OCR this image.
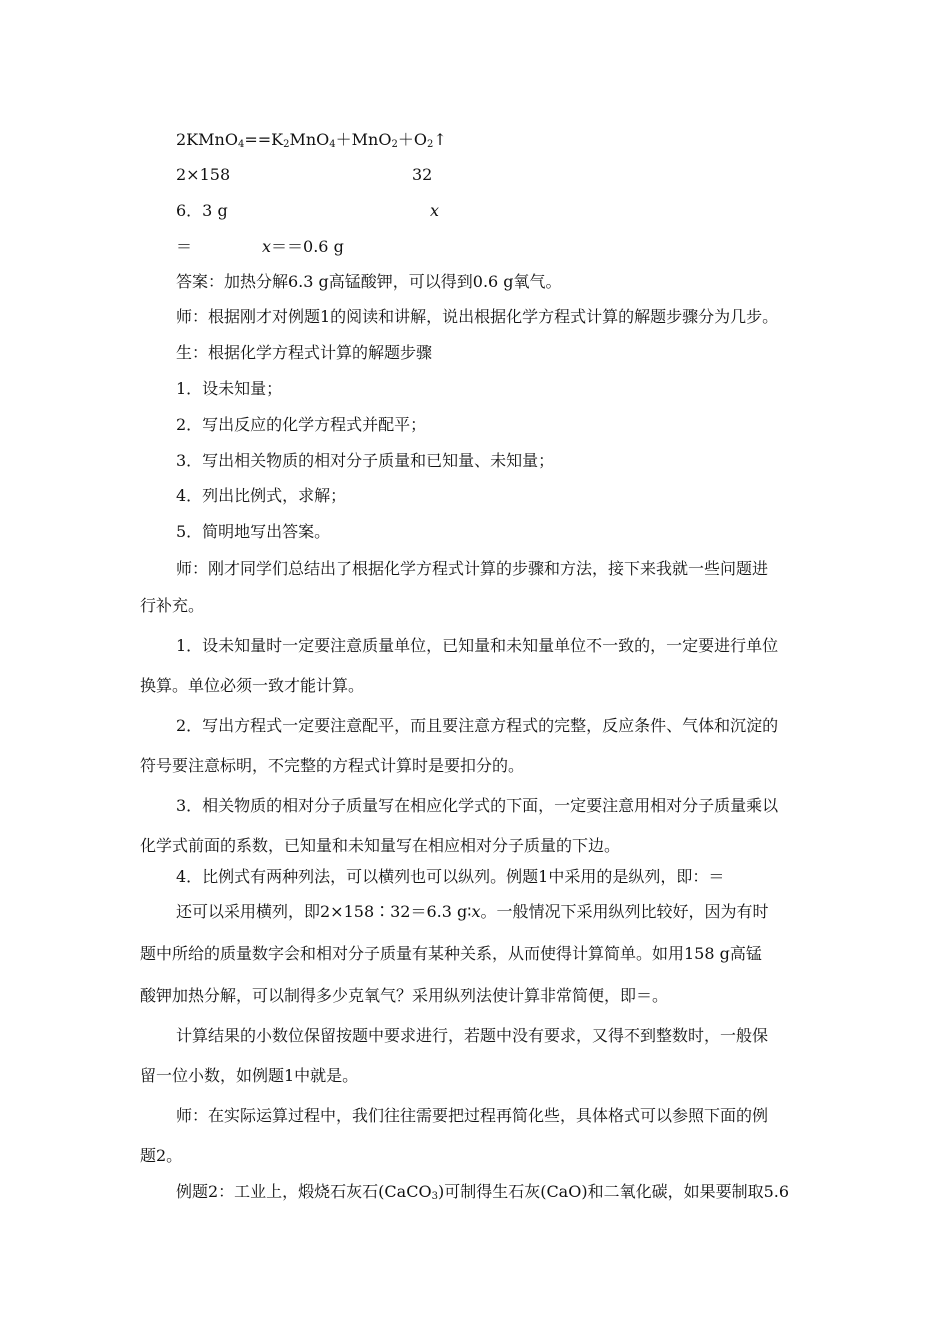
$2KMnO_4==K_2MnO_4+MnO_2+O_2↑$
2×158	32
6．3 g	x
＝	x＝＝0.6 g
答案：加热分解6.3 g高锰酸钾，可以得到0.6 g氧气。
师：根据刚才对例题1的阅读和讲解，说出根据化学方程式计算的解题步骤分为几步。
生：根据化学方程式计算的解题步骤
1．设未知量；
2．写出反应的化学方程式并配平；
3．写出相关物质的相对分子质量和已知量、未知量；
4．列出比例式，求解；
5．简明地写出答案。
师：刚才同学们总结出了根据化学方程式计算的步骤和方法，接下来我就一些问题进
行补充。
1．设未知量时一定要注意质量单位，已知量和未知量单位不一致的，一定要进行单位
换算。单位必须一致才能计算。
2．写出方程式一定要注意配平，而且要注意方程式的完整，反应条件、气体和沉淀的
符号要注意标明，不完整的方程式计算时是要扣分的。
3．相关物质的相对分子质量写在相应化学式的下面，一定要注意用相对分子质量乘以
化学式前面的系数，已知量和未知量写在相应相对分子质量的下边。
4．比例式有两种列法，可以横列也可以纵列。例题1中采用的是纵列，即：＝
还可以采用横列，即2×158∶32＝6.3 g∶x。一般情况下采用纵列比较好，因为有时
题中所给的质量数字会和相对分子质量有某种关系，从而使得计算简单。如用158 g高锰
酸钾加热分解，可以制得多少克氧气？采用纵列法使计算非常简便，即＝。
计算结果的小数位保留按题中要求进行，若题中没有要求，又得不到整数时，一般保
留一位小数，如例题1中就是。
师：在实际运算过程中，我们往往需要把过程再简化些，具体格式可以参照下面的例
题2。
例题2：工业上，煅烧石灰石(CaCO$_3$)可制得生石灰(CaO)和二氧化碳，如果要制取5.6
